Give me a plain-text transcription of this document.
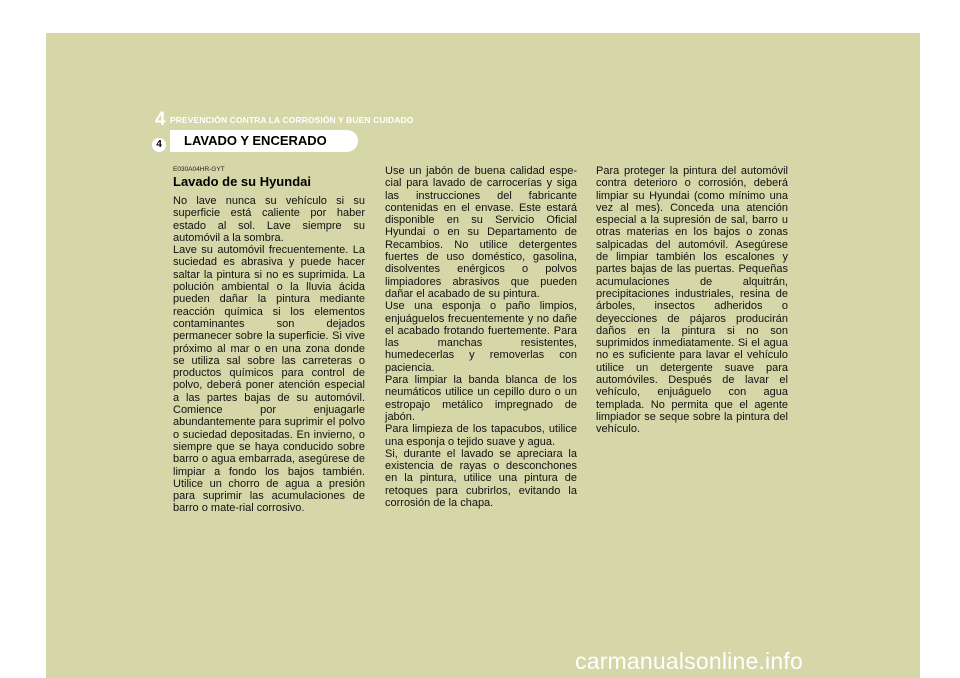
4 PREVENCIÓN CONTRA LA CORROSIÓN Y BUEN CUIDADO
LAVADO Y ENCERADO
4
E030A04HR-GYT
Lavado de su Hyundai
No lave nunca su vehículo si su superficie está caliente por haber estado al sol. Lave siempre su automóvil a la sombra.
Lave su automóvil frecuentemente. La suciedad es abrasiva y puede hacer saltar la pintura si no es suprimida. La polución ambiental o la lluvia ácida pueden dañar la pintura mediante reacción química si los elementos contaminantes son dejados permanecer sobre la superficie. Si vive próximo al mar o en una zona donde se utiliza sal sobre las carreteras o productos químicos para control de polvo, deberá poner atención especial a las partes bajas de su automóvil. Comience por enjuagarle abundantemente para suprimir el polvo o suciedad depositadas. En invierno, o siempre que se haya conducido sobre barro o agua embarrada, asegúrese de limpiar a fondo los bajos también. Utilice un chorro de agua a presión para suprimir las acumulaciones de barro o mate-rial corrosivo.
Use un jabón de buena calidad espe-cial para lavado de carrocerías y siga las instrucciones del fabricante contenidas en el envase. Este estará disponible en su Servicio Oficial Hyundai o en su Departamento de Recambios. No utilice detergentes fuertes de uso doméstico, gasolina, disolventes enérgicos o polvos limpiadores abrasivos que pueden dañar el acabado de su pintura.
Use una esponja o paño limpios, enjuáguelos frecuentemente y no dañe el acabado frotando fuertemente. Para las manchas resistentes, humedecerlas y removerlas con paciencia.
Para limpiar la banda blanca de los neumáticos utilice un cepillo duro o un estropajo metálico impregnado de jabón.
Para limpieza de los tapacubos, utilice una esponja o tejido suave y agua.
Si, durante el lavado se apreciara la existencia de rayas o desconchones en la pintura, utilice una pintura de retoques para cubrirlos, evitando la corrosión de la chapa.
Para proteger la pintura del automóvil contra deterioro o corrosión, deberá limpiar su Hyundai (como mínimo una vez al mes). Conceda una atención especial a la supresión de sal, barro u otras materias en los bajos o zonas salpicadas del automóvil. Asegúrese de limpiar también los escalones y partes bajas de las puertas. Pequeñas acumulaciones de alquitrán, precipitaciones industriales, resina de árboles, insectos adheridos o deyecciones de pájaros producirán daños en la pintura si no son suprimidos inmediatamente. Si el agua no es suficiente para lavar el vehículo utilice un detergente suave para automóviles. Después de lavar el vehículo, enjuáguelo con agua templada. No permita que el agente limpiador se seque sobre la pintura del vehículo.
carmanualsonline.info
